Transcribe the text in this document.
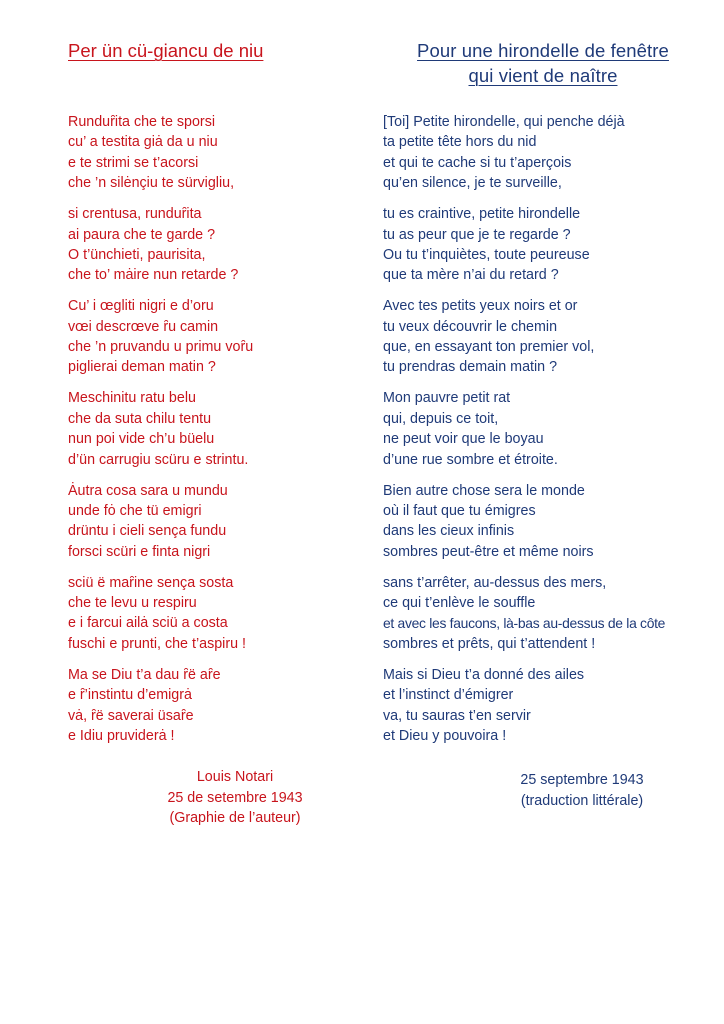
Per ün cü-giancu de niu
Runduȓita che te sporsi
cu’ a testita giȧ da u niu
e te strimi se t’acorsi
che ’n silėnçiu te sürvigliu,
si crentusa, runduȓita
ai paura che te garde ?
O t’ünchieti, paurisita,
che to’ mȧire nun retarde ?
Cu’ i œgliti nigri e d’oru
vœi descrœve ȓu camin
che ’n pruvandu u primu voȓu
piglierai deman matin ?
Meschinitu ratu belu
che da suta chilu tentu
nun poi vide ch’u büelu
d’ün carrugiu scüru e strintu.
Ȧutra cosa sara u mundu
unde fȯ che tü emigri
drüntu i cieli sença fundu
forsci scüri e finta nigri
sciü ë maȓine sença sosta
che te levu u respiru
e i farcui ailȧ sciü a costa
fuschi e prunti, che t’aspiru !
Ma se Diu t’a dau ȓë aȓe
e ȓ’instintu d’emigrȧ
vȧ, ȓë saverai üsaȓe
e Idiu pruviderȧ !
Louis Notari
25 de setembre 1943
(Graphie de l’auteur)
Pour une hirondelle de fenêtre
qui vient de naître
[Toi] Petite hirondelle, qui penche déjà
ta petite tête hors du nid
et qui te cache si tu t’aperçois
qu’en silence, je te surveille,
tu es craintive, petite hirondelle
tu as peur que je te regarde ?
Ou tu t’inquiètes, toute peureuse
que ta mère n’ai du retard ?
Avec tes petits yeux noirs et or
tu veux découvrir le chemin
que, en essayant ton premier vol,
tu prendras demain matin ?
Mon pauvre petit rat
qui, depuis ce toit,
ne peut voir que le boyau
d’une rue sombre et étroite.
Bien autre chose sera le monde
où il faut que tu émigres
dans les cieux infinis
sombres peut-être et même noirs
sans t’arrêter, au-dessus des mers,
ce qui t’enlève le souffle
et avec les faucons, là-bas au-dessus de la côte
sombres et prêts, qui t’attendent !
Mais si Dieu t’a donné des ailes
et l’instinct d’émigrer
va, tu sauras t’en servir
et Dieu y pouvoira !
25 septembre 1943
(traduction littérale)
